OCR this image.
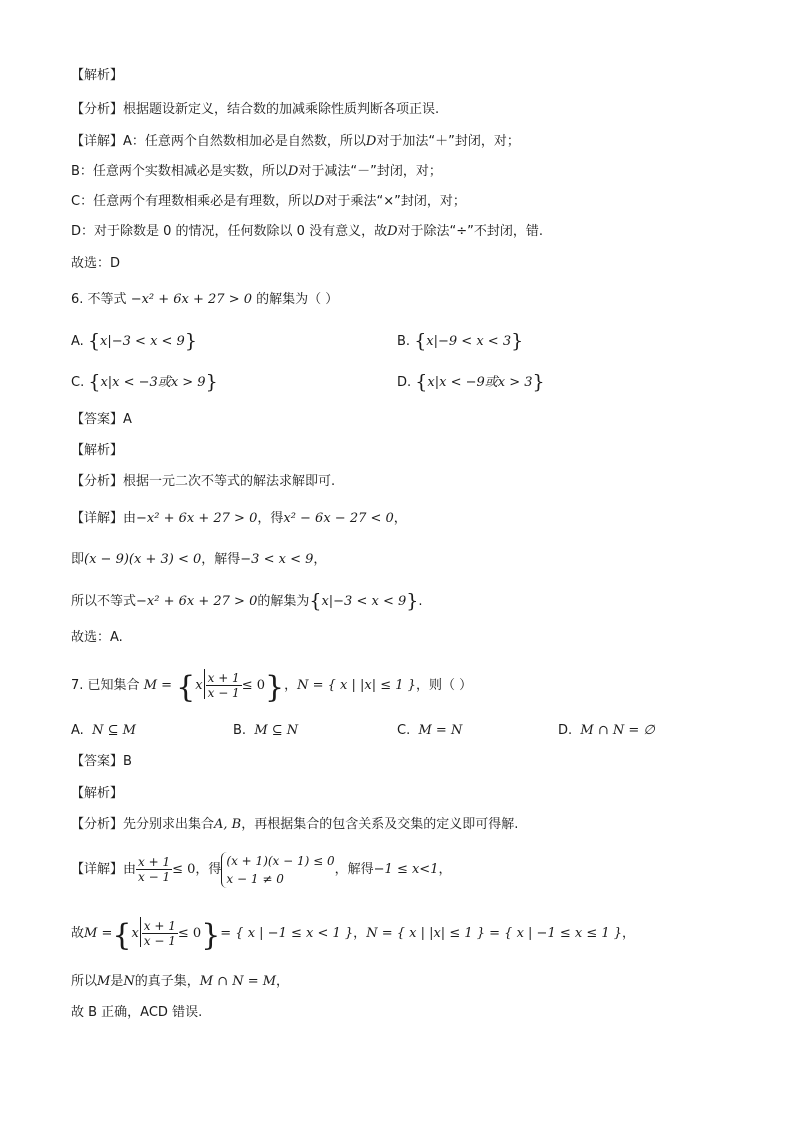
【解析】
【分析】根据题设新定义，结合数的加减乘除性质判断各项正误.
【详解】A：任意两个自然数相加必是自然数，所以D对于加法“＋”封闭，对；
B：任意两个实数相减必是实数，所以D对于减法“－”封闭，对；
C：任意两个有理数相乘必是有理数，所以D对于乘法“×”封闭，对；
D：对于除数是 0 的情况，任何数除以 0 没有意义，故D对于除法“÷”不封闭，错.
故选：D
6. 不等式 −x² + 6x + 27 > 0 的解集为（ ）
A. {x|−3 < x < 9}	B. {x|−9 < x < 3}
C. {x|x < −3或x > 9}	D. {x|x < −9或x > 3}
【答案】A
【解析】
【分析】根据一元二次不等式的解法求解即可.
【详解】由−x² + 6x + 27 > 0，得x² − 6x − 27 < 0，
即(x − 9)(x + 3) < 0，解得−3 < x < 9，
所以不等式−x² + 6x + 27 > 0的解集为{x|−3 < x < 9}.
故选：A.
7. 已知集合 $M = \{x \frac{x + 1}{x - 1} \le 0\}$，N = { x | |x| ≤ 1 }，则（ ）
A. N ⊆ M	B. M ⊆ N	C. M = N	D. M ∩ N = ∅
【答案】B
【解析】
【分析】先分别求出集合A, B，再根据集合的包含关系及交集的定义即可得解.
【详解】由 $\frac{x + 1}{x - 1} \le 0$，得
(x + 1)(x − 1) ≤ 0
x − 1 ≠ 0
，解得−1 ≤ x<1，
故$M =\{x \frac{x + 1}{x - 1} \le 0\}=$ { x | −1 ≤ x < 1 }，N = { x | |x| ≤ 1 } = { x | −1 ≤ x ≤ 1 }，
所以M是N的真子集，M ∩ N = M，
故 B 正确，ACD 错误.
